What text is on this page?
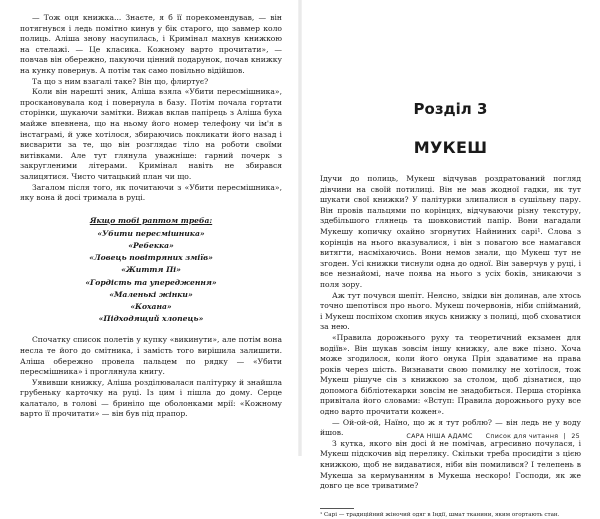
— Тож оця книжка... Знаєте, я б її порекомендував, — він потягнувся і ледь помітно кинув у бік старого, що завмер коло полиць. Аліша знову насупилась, і Кримінал махнув книжкою на стелажі. — Це класика. Кожному варто прочитати», — повчав він обережно, пакуючи цінний подарунок, почав книжку на кунку повернув. А потім так само повільно відійшов.

Та що з ним взагалі таке? Він що, флиртує?

Коли він нарешті зник, Аліша взяла «Убити пересмішника», проскановувала код і повернула в базу. Потім почала гортати сторінки, шукаючи замітки. Вижав вклав папірець з Аліша буха майже впевнена, що на ньому його номер телефону чи ім'я в інстаграмі, й уже хотілося, збираючись покликати його назад і висварити за те, що він розглядає тіло на роботи своїми витівками. Але тут глянула уважніше: гарний почерк з закругленими літерами. Кримінал навіть не збирався залицятися. Чисто читацький план чи що.

Загалом після того, як почитаючи з «Убити пересмішника», яку вона й досі тримала в руці.

Якщо тобі раптом треба:
«Убити пересмішника»
«Ребекка»
«Ловець повітряних зміїв»
«Життя Пі»
«Гордість та упередження»
«Маленькі жінки»
«Кохана»
«Підходящий хлопець»

Спочатку список полетів у купку «викинути», але потім вона несла те його до смітника, і замість того вирішила залишити. Аліша обережно провела пальцем по рядку — «Убити пересмішника» і проглянула книгу.

Уявивши книжку, Аліша розділювалася палітурку й знайшла грубеньку карточку на руці. Із цим і пішла до дому. Серце калатало, в голові — бриніло ще оболонками мрії: «Кожному варто її прочитати» — він був під прапор.

Розділ 3
МУКЕШ

Ідучи до полиць, Мукеш відчував роздратований погляд дівчини на своїй потилиці. Він не мав жодної гадки, як тут шукати свої книжки? У палітурки злипалися в сушільну пару. Він провів пальцями по корінцях, відчуваючи різну текстуру, здебільшого глянець та шовковистий папір. Вони нагадали Мукешу копичку охайно згорнутих Найниних сарі¹. Слова з корінців на нього вказувалися, і він з повагою все намагався витягти, насміхаючись. Вони немов знали, що Мукеш тут не згоден. Усі книжки тиснули одна до одної. Він заверчув у руці, і все незнайомі, наче поява на нього з усіх боків, зникаючи з поля зору.

Аж тут почувся шепіт. Неясно, звідки він долинав, але хтось точно шепотівся про нього. Мукеш почервонів, ніби спійманий, і Мукеш поспіхом схопив якусь книжку з полиці, щоб сховатися за нею.

«Правила дорожнього руху та теоретичний екзамен для водіїв». Він шукав зовсім іншу книжку, але вже пізно. Хоча може згодилося, коли його онука Прія здаватиме на права років через шість. Визнавати свою помилку не хотілося, тож Мукеш рішуче сів з книжкою за столом, щоб дізнатися, що допомога бібліотекарки зовсім не знадобиться. Перша сторінка привітала його словами: «Вступ: Правила дорожнього руху все одно варто прочитати кожен».

— Ой-ой-ой, Наїно, що ж я тут роблю? — він ледь не у воду йшов.

З кутка, якого він досі й не помічав, агресивно почулася, і Мукеш підскочив від переляку. Скільки треба просидіти з цією книжкою, щоб не видаватися, ніби він помилився? І телепень в Мукеша за кермуванням в Мукеша нескоро! Господи, як же довго це все триватиме?

¹ Сарі — традиційний жіночий одяг в Індії, шмат тканини, яким огортають стан.

САРА НІША АДАМС Список для читання | 25
